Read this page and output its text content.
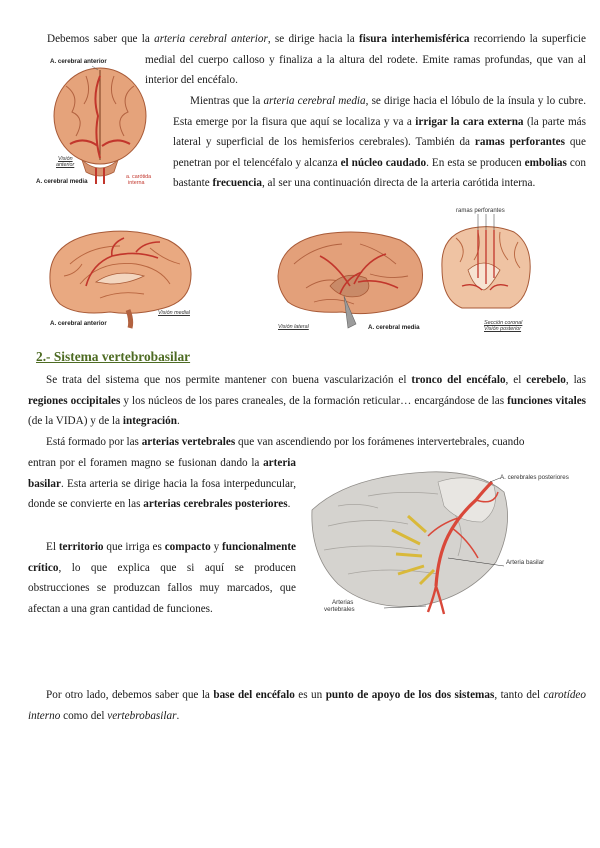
Debemos saber que la arteria cerebral anterior, se dirige hacia la fisura interhemisférica recorriendo la superficie medial del cuerpo calloso y finaliza a la altura del rodete. Emite ramas profundas, que van al interior del encéfalo.

A. cerebral anterior
Visión
anterior
A. cerebral media
a. carótida
interna

Mientras que la arteria cerebral media, se dirige hacia el lóbulo de la ínsula y lo cubre. Esta emerge por la fisura que aquí se localiza y va a irrigar la cara externa (la parte más lateral y superficial de los hemisferios cerebrales). También da ramas perforantes que penetran por el telencéfalo y alcanza el núcleo caudado. En esta se producen embolias con bastante frecuencia, al ser una continuación directa de la arteria carótida interna.

A. cerebral anterior
Visión medial
Visión lateral	A. cerebral media
ramas perforantes
Sección coronal
Visión posterior
2.- Sistema vertebrobasilar

Se trata del sistema que nos permite mantener con buena vascularización el tronco del encéfalo, el cerebelo, las regiones occipitales y los núcleos de los pares craneales, de la formación reticular… encargándose de las funciones vitales (de la VIDA) y de la integración.

Está formado por las arterias vertebrales que van ascendiendo por los forámenes intervertebrales, cuando

entran por el foramen magno se fusionan dando la arteria basilar. Esta arteria se dirige hacia la fosa interpeduncular, donde se convierte en las arterias cerebrales posteriores.

El territorio que irriga es compacto y funcionalmente crítico, lo que explica que si aquí se producen obstrucciones se produzcan fallos muy marcados, que afectan a una gran cantidad de funciones.

A. cerebrales posteriores
Arteria basilar
Arterias
vertebrales

Por otro lado, debemos saber que la base del encéfalo es un punto de apoyo de los dos sistemas, tanto del carotídeo interno como del vertebrobasilar.
